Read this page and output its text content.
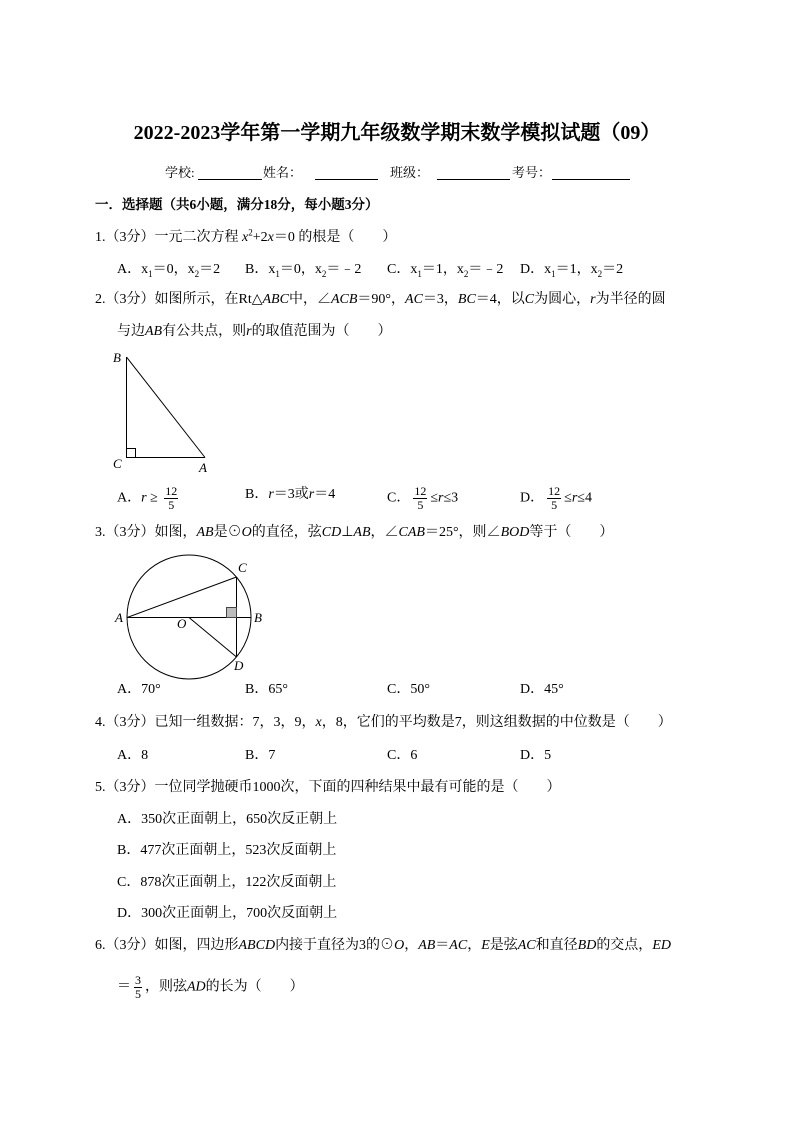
2022-2023学年第一学期九年级数学期末数学模拟试题（09）
学校:	姓名：	班级：	考号：
一．选择题（共6小题，满分18分，每小题3分）
1.（3分）一元二次方程 $x^2+2x=0$ 的根是（　　）
A．$x_1=0$，$x_2=2$ B．$x_1=0$，$x_2=﹣2$ C．$x_1=1$，$x_2=﹣2$ D．$x_1=1$，$x_2=2$
2.（3分）如图所示，在Rt△ABC中，∠ACB＝90°，AC＝3，BC＝4，以C为圆心，r为半径的圆
与边AB有公共点，则r的取值范围为（　　）
B
C	A
A．$r \ge \frac{12}{5}$	B．r＝3或r＝4	C． $\frac{12}{5} \le r\le 3$	D． $\frac{12}{5} \le r\le 4$
3.（3分）如图，AB是⊙O的直径，弦CD⊥AB，∠CAB＝25°，则∠BOD等于（　　）
A	O	B
C
D
A．70°	B．65°	C．50°	D．45°
4.（3分）已知一组数据：7，3，9，x，8，它们的平均数是7，则这组数据的中位数是（　　）
A．8	B．7	C．6	D．5
5.（3分）一位同学抛硬币1000次，下面的四种结果中最有可能的是（　　）
A．350次正面朝上，650次反正朝上
B．477次正面朝上，523次反面朝上
C．878次正面朝上，122次反面朝上
D．300次正面朝上，700次反面朝上
6.（3分）如图，四边形ABCD内接于直径为3的⊙O，AB＝AC，E是弦AC和直径BD的交点，ED
＝ $\frac{3}{5}$ ，则弦AD的长为（　　）
